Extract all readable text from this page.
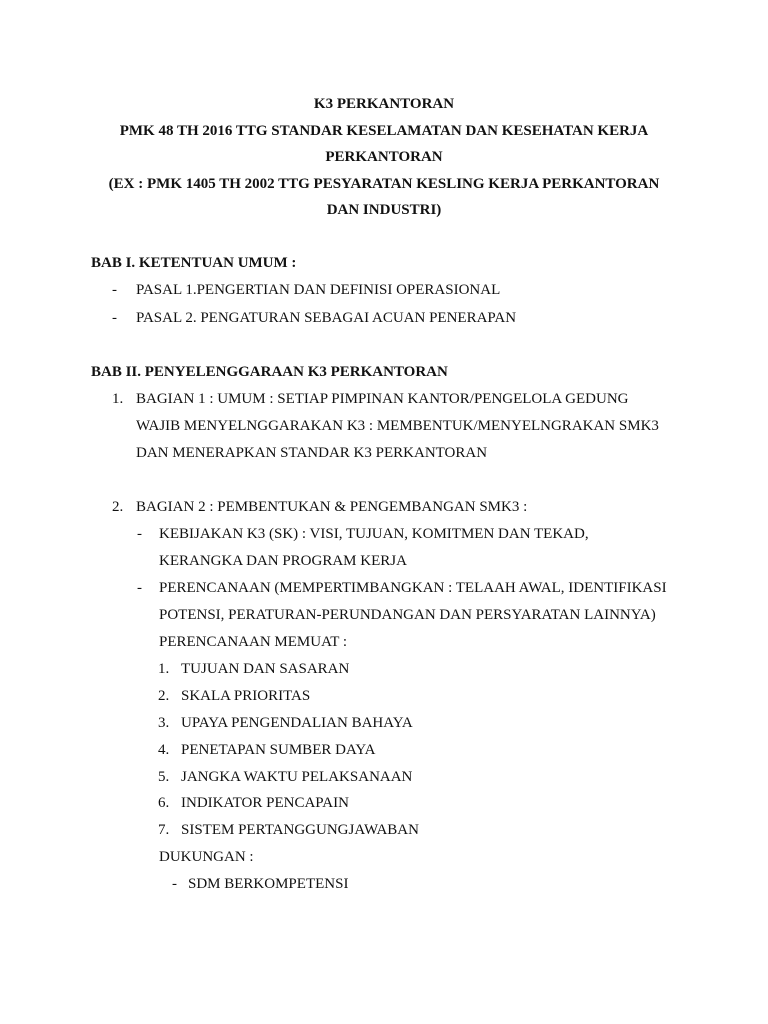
K3 PERKANTORAN
PMK 48 TH 2016 TTG STANDAR KESELAMATAN DAN KESEHATAN KERJA
PERKANTORAN
(EX : PMK 1405 TH 2002 TTG PESYARATAN KESLING KERJA PERKANTORAN
DAN INDUSTRI)
BAB I. KETENTUAN UMUM :
- PASAL 1.PENGERTIAN DAN DEFINISI OPERASIONAL
- PASAL 2. PENGATURAN SEBAGAI ACUAN PENERAPAN
BAB II. PENYELENGGARAAN K3 PERKANTORAN
1. BAGIAN 1 : UMUM : SETIAP PIMPINAN KANTOR/PENGELOLA GEDUNG
WAJIB MENYELNGGARAKAN K3 : MEMBENTUK/MENYELNGRAKAN SMK3
DAN MENERAPKAN STANDAR K3 PERKANTORAN
2. BAGIAN 2 : PEMBENTUKAN & PENGEMBANGAN SMK3 :
- KEBIJAKAN K3 (SK) : VISI, TUJUAN, KOMITMEN DAN TEKAD,
KERANGKA DAN PROGRAM KERJA
- PERENCANAAN (MEMPERTIMBANGKAN : TELAAH AWAL, IDENTIFIKASI
POTENSI, PERATURAN-PERUNDANGAN DAN PERSYARATAN LAINNYA)
PERENCANAAN MEMUAT :
1. TUJUAN DAN SASARAN
2. SKALA PRIORITAS
3. UPAYA PENGENDALIAN BAHAYA
4. PENETAPAN SUMBER DAYA
5. JANGKA WAKTU PELAKSANAAN
6. INDIKATOR PENCAPAIN
7. SISTEM PERTANGGUNGJAWABAN
DUKUNGAN :
- SDM BERKOMPETENSI
